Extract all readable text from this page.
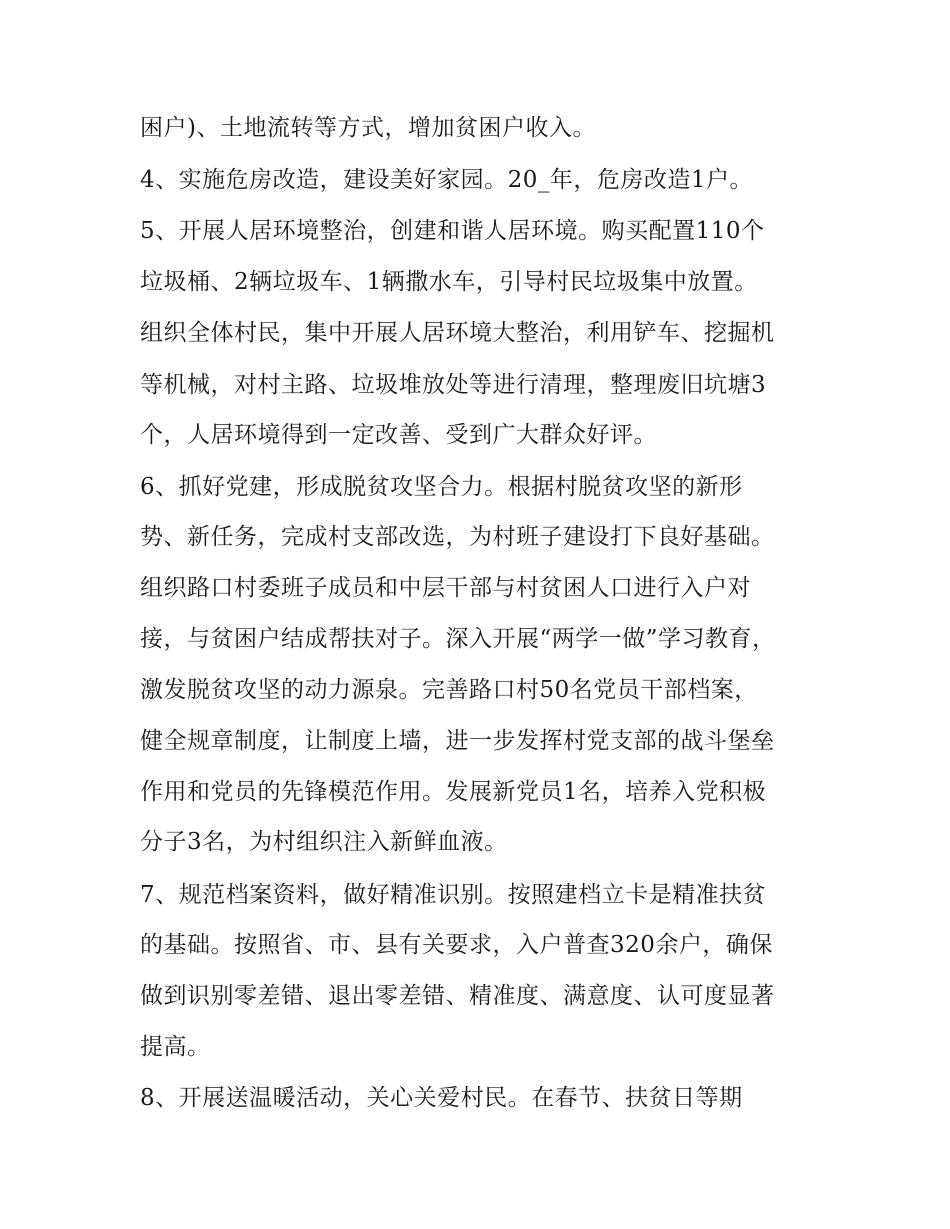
困户)、土地流转等方式，增加贫困户收入。
4、实施危房改造，建设美好家园。20_年，危房改造1户。
5、开展人居环境整治，创建和谐人居环境。购买配置110个
垃圾桶、2辆垃圾车、1辆撒水车，引导村民垃圾集中放置。
组织全体村民，集中开展人居环境大整治，利用铲车、挖掘机
等机械，对村主路、垃圾堆放处等进行清理，整理废旧坑塘3
个，人居环境得到一定改善、受到广大群众好评。
6、抓好党建，形成脱贫攻坚合力。根据村脱贫攻坚的新形
势、新任务，完成村支部改选，为村班子建设打下良好基础。
组织路口村委班子成员和中层干部与村贫困人口进行入户对
接，与贫困户结成帮扶对子。深入开展“两学一做”学习教育，
激发脱贫攻坚的动力源泉。完善路口村50名党员干部档案，
健全规章制度，让制度上墙，进一步发挥村党支部的战斗堡垒
作用和党员的先锋模范作用。发展新党员1名，培养入党积极
分子3名，为村组织注入新鲜血液。
7、规范档案资料，做好精准识别。按照建档立卡是精准扶贫
的基础。按照省、市、县有关要求，入户普查320余户，确保
做到识别零差错、退出零差错、精准度、满意度、认可度显著
提高。
8、开展送温暖活动，关心关爱村民。在春节、扶贫日等期
